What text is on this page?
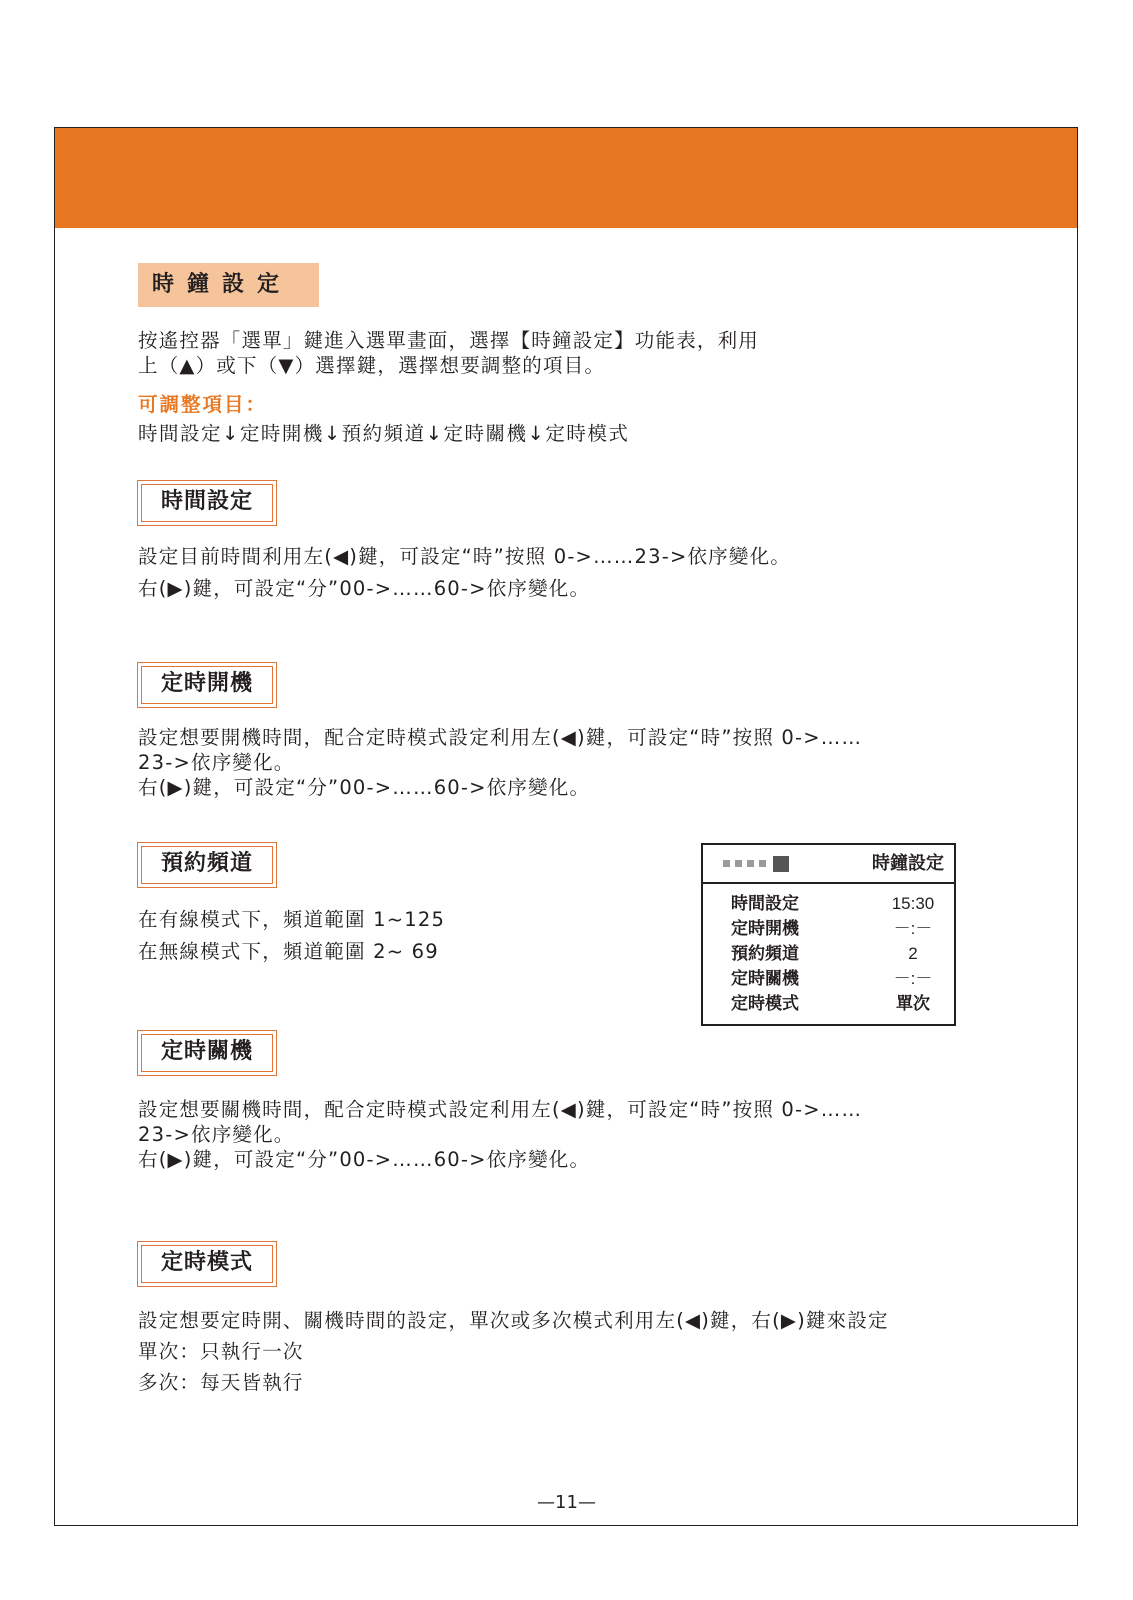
時鐘設定
按遙控器「選單」鍵進入選單畫面，選擇【時鐘設定】功能表，利用
上（▲）或下（▼）選擇鍵，選擇想要調整的項目。
可調整項目：
時間設定↓定時開機↓預約頻道↓定時關機↓定時模式
時間設定
設定目前時間利用左(◀)鍵，可設定“時”按照 0->……23->依序變化。
右(▶)鍵，可設定“分”00->……60->依序變化。
定時開機
設定想要開機時間，配合定時模式設定利用左(◀)鍵，可設定“時”按照 0->……
23->依序變化。
右(▶)鍵，可設定“分”00->……60->依序變化。
預約頻道
在有線模式下，頻道範圍 1~125
在無線模式下，頻道範圍 2~ 69
時鐘設定
時間設定	15:30
定時開機	－:－
預約頻道	2
定時關機	－:－
定時模式	單次
定時關機
設定想要關機時間，配合定時模式設定利用左(◀)鍵，可設定“時”按照 0->……
23->依序變化。
右(▶)鍵，可設定“分”00->……60->依序變化。
定時模式
設定想要定時開、關機時間的設定，單次或多次模式利用左(◀)鍵，右(▶)鍵來設定
單次：只執行一次
多次：每天皆執行
—11—
